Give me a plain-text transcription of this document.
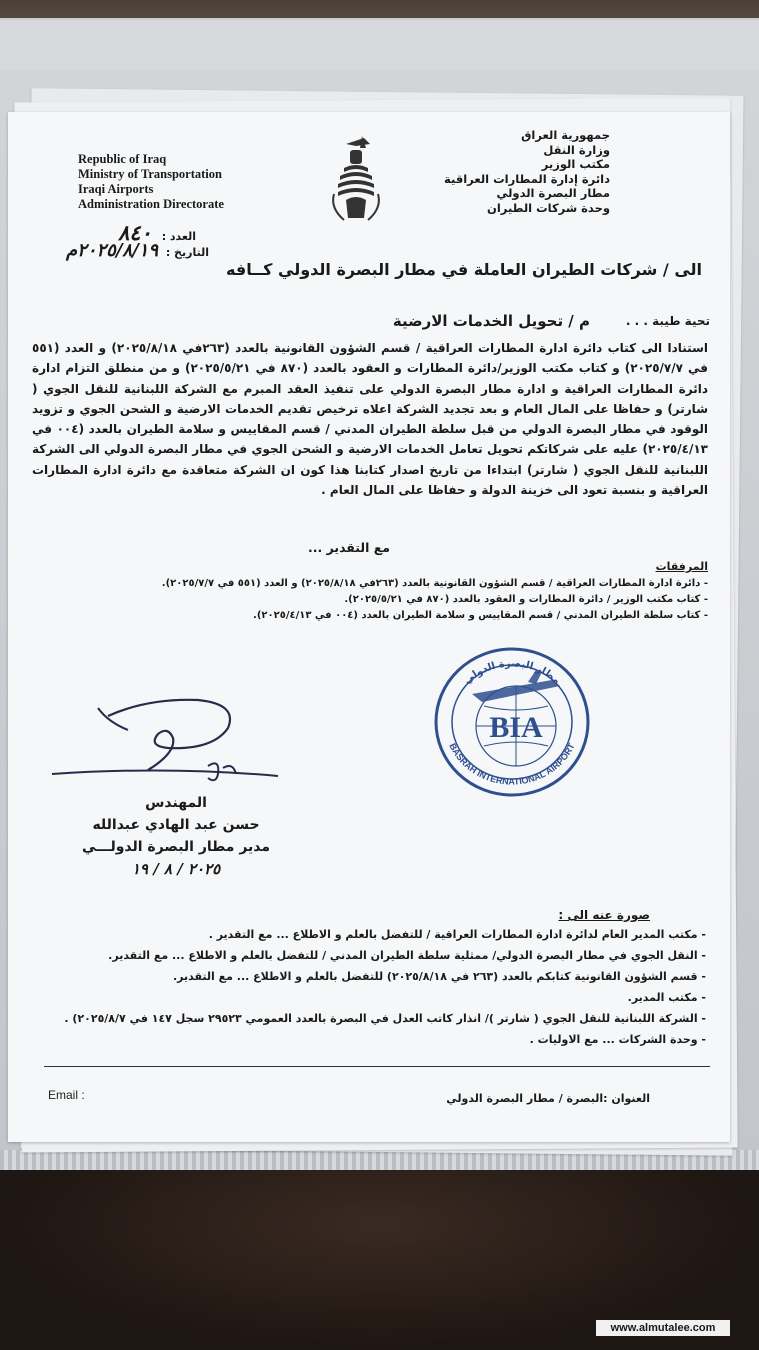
Republic of Iraq
Ministry of Transportation
Iraqi Airports
Administration Directorate
جمهورية العراق
وزارة النقل
مكتب الوزير
دائرة إدارة المطارات العراقية
مطار البصرة الدولي
وحدة شركات الطيران
العدد : ٨٤٠
التاريخ : ٢٠٢٥/٨/١٩م
الى / شركات الطيران العاملة في مطار البصرة الدولي كــافه
م / تحويل الخدمات الارضية	تحية طيبة . . .

استنادا الى كتاب دائرة ادارة المطارات العراقية / قسم الشؤون القانونية بالعدد (٢٦٣في ٢٠٢٥/٨/١٨) و العدد (٥٥١ في ٢٠٢٥/٧/٧) و كتاب مكتب الوزير/دائرة المطارات و العقود بالعدد (٨٧٠ في ٢٠٢٥/٥/٢١) و من منطلق التزام ادارة دائرة المطارات العراقية و ادارة مطار البصرة الدولي على تنفيذ العقد المبرم مع الشركة اللبنانية للنقل الجوي ( شارتر) و حفاظا على المال العام و بعد تجديد الشركة اعلاه ترخيص تقديم الخدمات الارضية و الشحن الجوي و تزويد الوقود في مطار البصرة الدولي من قبل سلطة الطيران المدني / قسم المقاييس و سلامة الطيران بالعدد (٠٠٤ في ٢٠٢٥/٤/١٣) عليه على شركاتكم تحويل تعامل الخدمات الارضية و الشحن الجوي في مطار البصرة الدولي الى الشركة اللبنانية للنقل الجوي ( شارتر) ابتداءا من تاريخ اصدار كتابنا هذا كون ان الشركة متعاقدة مع دائرة ادارة المطارات العراقية و بنسبة تعود الى خزينة الدولة و حفاظا على المال العام .

مع التقدير ...
المرفقات
- دائرة ادارة المطارات العراقية / قسم الشؤون القانونية بالعدد (٢٦٣في ٢٠٢٥/٨/١٨) و العدد (٥٥١ في ٢٠٢٥/٧/٧).
- كتاب مكتب الوزير / دائرة المطارات و العقود بالعدد (٨٧٠ في ٢٠٢٥/٥/٢١).
- كتاب سلطة الطيران المدني / قسم المقاييس و سلامة الطيران بالعدد (٠٠٤ في ٢٠٢٥/٤/١٣).
BIA
BASRAH INTERNATIONAL AIRPORT
مطار البصرة الدولي
المهندس
حسن عبد الهادي عبدالله
مدير مطار البصرة الدولـــي
٢٠٢٥ / ٨ / ١٩
صورة عنه الى :
- مكتب المدير العام لدائرة ادارة المطارات العراقية / للتفضل بالعلم و الاطلاع ... مع التقدير .
- النقل الجوي في مطار البصرة الدولي/ ممثلية سلطة الطيران المدني / للتفضل بالعلم و الاطلاع ... مع التقدير.
- قسم الشؤون القانونية كتابكم بالعدد (٢٦٣ في ٢٠٢٥/٨/١٨) للتفضل بالعلم و الاطلاع ... مع التقدير.
- مكتب المدير.
- الشركة اللبنانية للنقل الجوي ( شارتر )/ انذار كاتب العدل في البصرة بالعدد العمومي ٢٩٥٢٣ سجل ١٤٧ في ٢٠٢٥/٨/٧) .
- وحدة الشركات ... مع الاوليات .
Email :	العنوان :البصرة / مطار البصرة الدولي
www.almutalee.com
